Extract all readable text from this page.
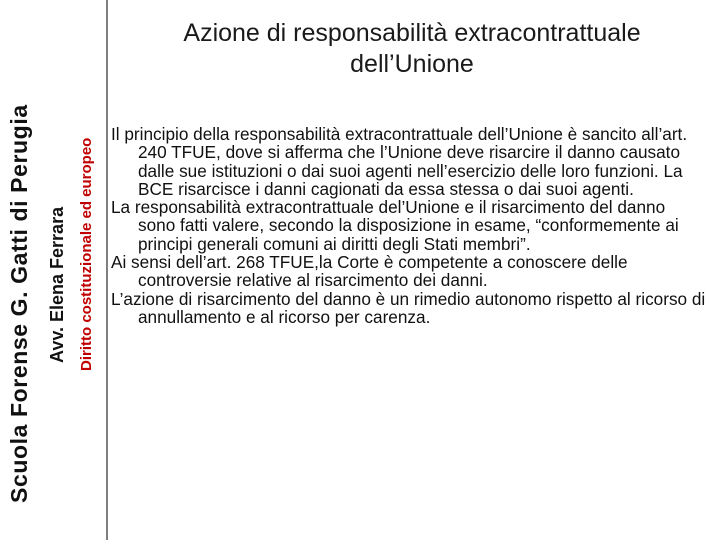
Scuola Forense G. Gatti di Perugia Avv. Elena Ferrara Diritto costituzionale ed europeo
Azione di responsabilità extracontrattuale
dell’Unione

Il principio della responsabilità extracontrattuale dell’Unione è sancito all’art. 240 TFUE, dove si afferma che l’Unione deve risarcire il danno causato dalle sue istituzioni o dai suoi agenti nell’esercizio delle loro funzioni. La BCE risarcisce i danni cagionati da essa stessa o dai suoi agenti.

La responsabilità extracontrattuale del’Unione e il risarcimento del danno sono fatti valere, secondo la disposizione in esame, “conformemente ai principi generali comuni ai diritti degli Stati membri”.

Ai sensi dell’art. 268 TFUE,la Corte è competente a conoscere delle controversie relative al risarcimento dei danni.

L’azione di risarcimento del danno è un rimedio autonomo rispetto al ricorso di annullamento e al ricorso per carenza.
